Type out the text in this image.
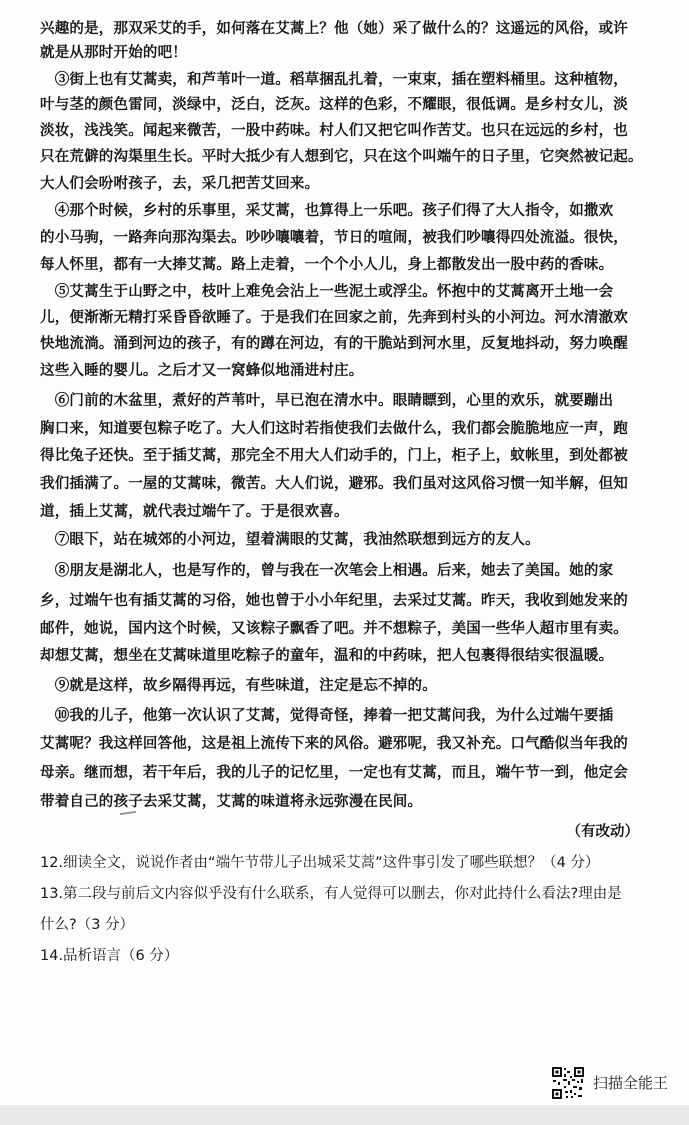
兴趣的是，那双采艾的手，如何落在艾蒿上？他（她）采了做什么的？这遥远的风俗，或许
就是从那时开始的吧！
　③街上也有艾蒿卖，和芦苇叶一道。稻草捆乱扎着，一束束，插在塑料桶里。这种植物，
叶与茎的颜色雷同，淡绿中，泛白，泛灰。这样的色彩，不耀眼，很低调。是乡村女儿，淡
淡妆，浅浅笑。闻起来微苦，一股中药味。村人们又把它叫作苦艾。也只在远远的乡村，也
只在荒僻的沟渠里生长。平时大抵少有人想到它，只在这个叫端午的日子里，它突然被记起。
大人们会吩咐孩子，去，采几把苦艾回来。
　④那个时候，乡村的乐事里，采艾蒿，也算得上一乐吧。孩子们得了大人指令，如撒欢
的小马驹，一路奔向那沟渠去。吵吵嚷嚷着，节日的喧闹，被我们吵嚷得四处流溢。很快，
每人怀里，都有一大捧艾蒿。路上走着，一个个小人儿，身上都散发出一股中药的香味。
　⑤艾蒿生于山野之中，枝叶上难免会沾上一些泥土或浮尘。怀抱中的艾蒿离开土地一会
儿，便渐渐无精打采昏昏欲睡了。于是我们在回家之前，先奔到村头的小河边。河水清澈欢
快地流淌。涌到河边的孩子，有的蹲在河边，有的干脆站到河水里，反复地抖动，努力唤醒
这些入睡的婴儿。之后才又一窝蜂似地涌进村庄。
　⑥门前的木盆里，煮好的芦苇叶，早已泡在清水中。眼睛瞟到，心里的欢乐，就要蹦出
胸口来，知道要包粽子吃了。大人们这时若指使我们去做什么，我们都会脆脆地应一声，跑
得比兔子还快。至于插艾蒿，那完全不用大人们动手的，门上，柜子上，蚊帐里，到处都被
我们插满了。一屋的艾蒿味，微苦。大人们说，避邪。我们虽对这风俗习惯一知半解，但知
道，插上艾蒿，就代表过端午了。于是很欢喜。
　⑦眼下，站在城郊的小河边，望着满眼的艾蒿，我油然联想到远方的友人。
　⑧朋友是湖北人，也是写作的，曾与我在一次笔会上相遇。后来，她去了美国。她的家
乡，过端午也有插艾蒿的习俗，她也曾于小小年纪里，去采过艾蒿。昨天，我收到她发来的
邮件，她说，国内这个时候，又该粽子飘香了吧。并不想粽子，美国一些华人超市里有卖。
却想艾蒿，想坐在艾蒿味道里吃粽子的童年，温和的中药味，把人包裹得很结实很温暖。
　⑨就是这样，故乡隔得再远，有些味道，注定是忘不掉的。
　⑩我的儿子，他第一次认识了艾蒿，觉得奇怪，捧着一把艾蒿问我，为什么过端午要插
艾蒿呢？我这样回答他，这是祖上流传下来的风俗。避邪呢，我又补充。口气酷似当年我的
母亲。继而想，若干年后，我的儿子的记忆里，一定也有艾蒿，而且，端午节一到，他定会
带着自己的孩子去采艾蒿，艾蒿的味道将永远弥漫在民间。
（有改动）
12.细读全文，说说作者由“端午节带儿子出城采艾蒿”这件事引发了哪些联想？（4 分）
13.第二段与前后文内容似乎没有什么联系，有人觉得可以删去，你对此持什么看法?理由是
什么?（3 分）
14.品析语言（6 分）
扫描全能王
